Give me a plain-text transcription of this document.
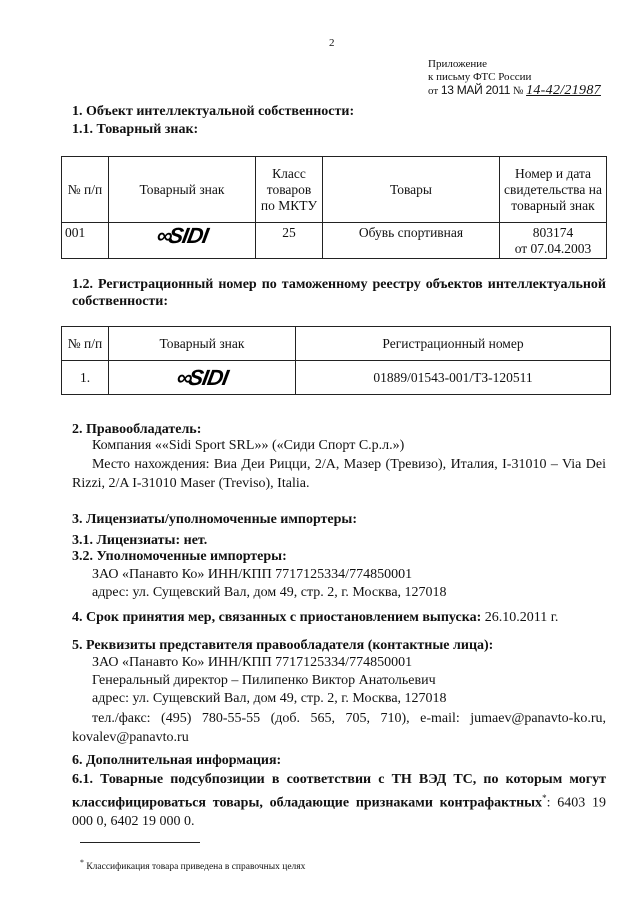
2
Приложение
к письму ФТС России
от 13 МАЙ 2011 № 14-42/21987
1. Объект интеллектуальной собственности:
1.1. Товарный знак:
№ п/п	Товарный знак	Класс товаров по МКТУ	Товары	Номер и дата свидетельства на товарный знак
001	∞SIDI	25	Обувь спортивная	803174
от 07.04.2003
1.2. Регистрационный номер по таможенному реестру объектов интеллектуальной собственности:
№ п/п	Товарный знак	Регистрационный номер
1.	∞SIDI	01889/01543-001/ТЗ-120511
2. Правообладатель:
Компания ««Sidi Sport SRL»» («Сиди Спорт С.р.л.»)
Место нахождения: Виа Деи Рицци, 2/А, Мазер (Тревизо), Италия, I-31010 – Via Dei Rizzi, 2/A I-31010 Maser (Treviso), Italia.
3. Лицензиаты/уполномоченные импортеры:
3.1. Лицензиаты: нет.
3.2. Уполномоченные импортеры:
ЗАО «Панавто Ко» ИНН/КПП 7717125334/774850001
адрес: ул. Сущевский Вал, дом 49, стр. 2, г. Москва, 127018
4. Срок принятия мер, связанных с приостановлением выпуска: 26.10.2011 г.
5. Реквизиты представителя правообладателя (контактные лица):
ЗАО «Панавто Ко» ИНН/КПП 7717125334/774850001
Генеральный директор – Пилипенко Виктор Анатольевич
адрес: ул. Сущевский Вал, дом 49, стр. 2, г. Москва, 127018
тел./факс: (495) 780-55-55 (доб. 565, 705, 710), e-mail: jumaev@panavto-ko.ru, kovalev@panavto.ru
6. Дополнительная информация:
6.1. Товарные подсубпозиции в соответствии с ТН ВЭД ТС, по которым могут классифицироваться товары, обладающие признаками контрафактных*: 6403 19 000 0, 6402 19 000 0.
* Классификация товара приведена в справочных целях
